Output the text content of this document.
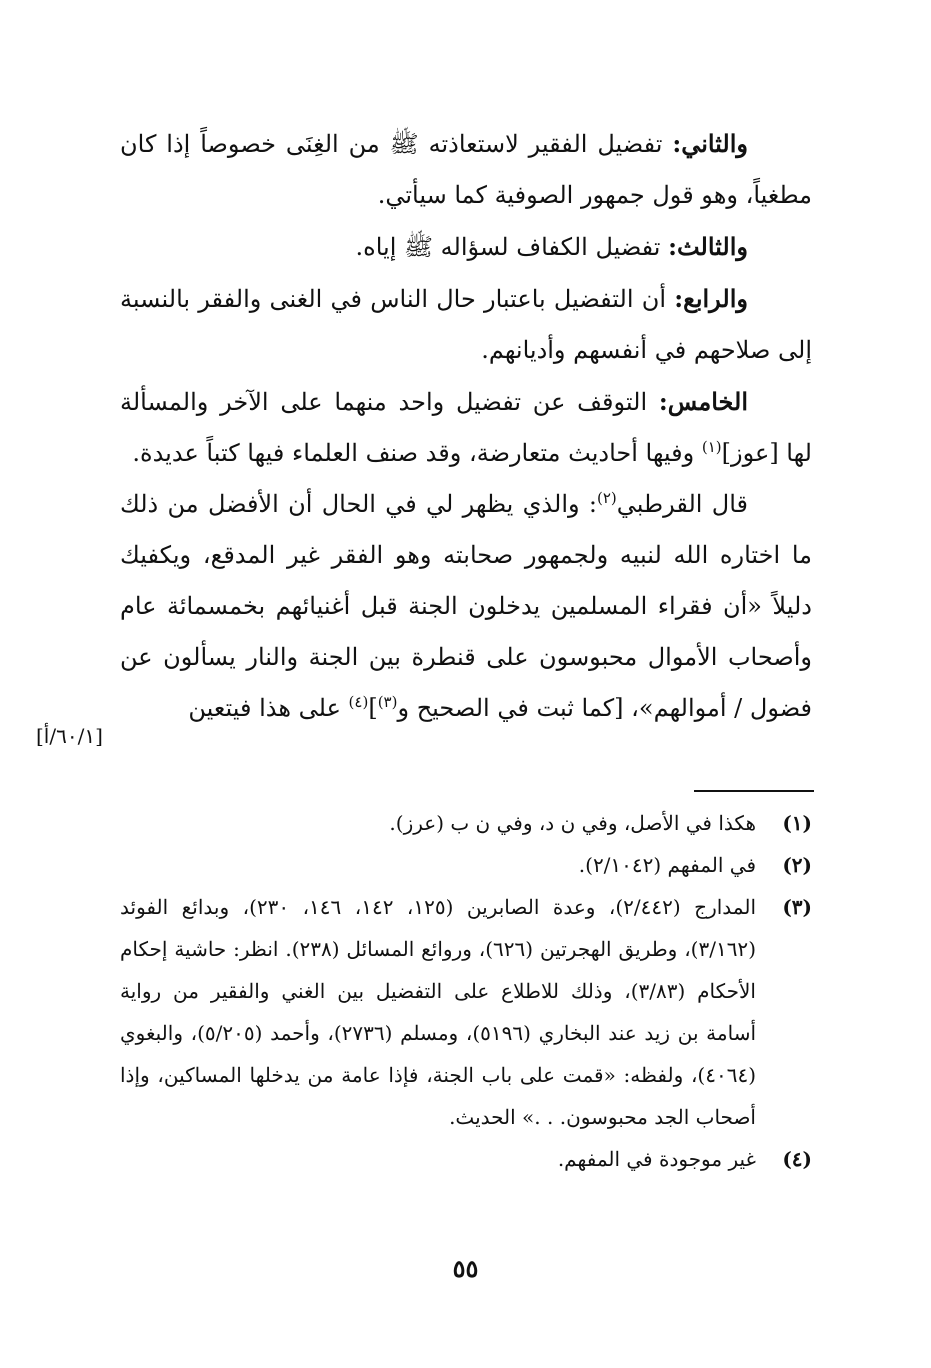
والثاني: تفضيل الفقير لاستعاذته ﷺ من الغِنَى خصوصاً إذا كان مطغياً، وهو قول جمهور الصوفية كما سيأتي.

والثالث: تفضيل الكفاف لسؤاله ﷺ إياه.

والرابع: أن التفضيل باعتبار حال الناس في الغنى والفقر بالنسبة إلى صلاحهم في أنفسهم وأديانهم.

الخامس: التوقف عن تفضيل واحد منهما على الآخر والمسألة لها [عوز]$^{(١)}$ وفيها أحاديث متعارضة، وقد صنف العلماء فيها كتباً عديدة.

قال القرطبي$^{(٢)}$: والذي يظهر لي في الحال أن الأفضل من ذلك ما اختاره الله لنبيه ولجمهور صحابته وهو الفقر غير المدقع، ويكفيك دليلاً «أن فقراء المسلمين يدخلون الجنة قبل أغنيائهم بخمسمائة عام وأصحاب الأموال محبوسون على قنطرة بين الجنة والنار يسألون عن فضول / أموالهم»، [كما ثبت في الصحيح و$^{(٣)}$]$^{(٤)}$ على هذا فيتعين

[٦٠/١/أ]
(١)
هكذا في الأصل، وفي ن د، وفي ن ب (عرز).
(٢)
في المفهم (٢/١٠٤٢).
(٣)
المدارج (٢/٤٤٢)، وعدة الصابرين (١٢٥، ١٤٢، ١٤٦، ٢٣٠)، وبدائع الفوئد (٣/١٦٢)، وطريق الهجرتين (٦٢٦)، وروائع المسائل (٢٣٨). انظر: حاشية إحكام الأحكام (٣/٨٣)، وذلك للاطلاع على التفضيل بين الغني والفقير من رواية أسامة بن زيد عند البخاري (٥١٩٦)، ومسلم (٢٧٣٦)، وأحمد (٥/٢٠٥)، والبغوي (٤٠٦٤)، ولفظه: «قمت على باب الجنة، فإذا عامة من يدخلها المساكين، وإذا أصحاب الجد محبوسون. . .» الحديث.
(٤)
غير موجودة في المفهم.
٥٥
